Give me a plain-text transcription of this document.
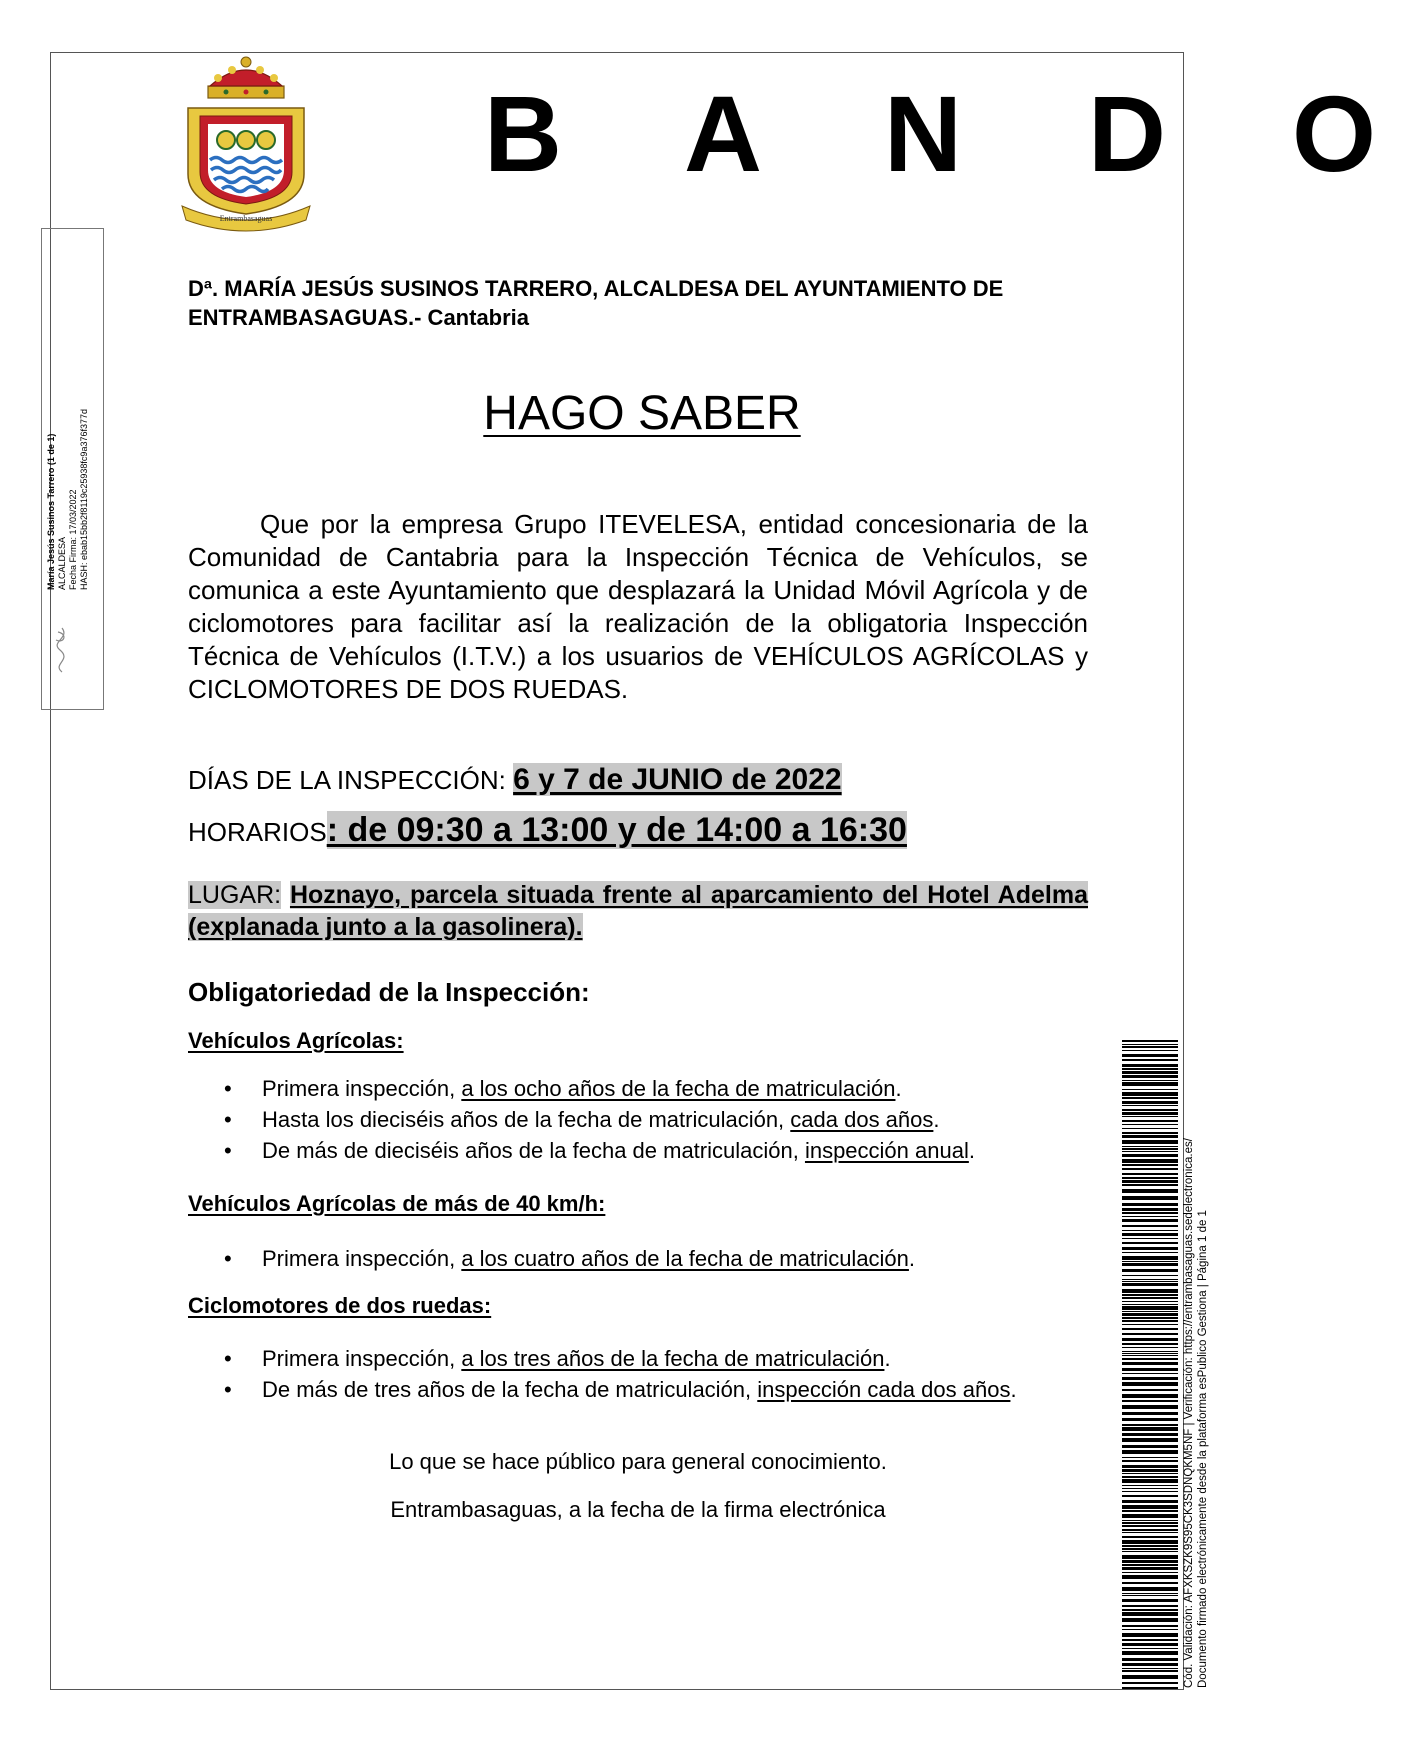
Entrambasaguas
B A N D O
Dª. MARÍA JESÚS SUSINOS TARRERO, ALCALDESA DEL AYUNTAMIENTO DE ENTRAMBASAGUAS.- Cantabria
HAGO SABER
Que por la empresa Grupo ITEVELESA, entidad concesionaria de la Comunidad de Cantabria para la Inspección Técnica de Vehículos, se comunica a este Ayuntamiento que desplazará la Unidad Móvil Agrícola y de ciclomotores para facilitar así la realización de la obligatoria Inspección Técnica de Vehículos (I.T.V.) a los usuarios de VEHÍCULOS AGRÍCOLAS y CICLOMOTORES DE DOS RUEDAS.
DÍAS DE LA INSPECCIÓN: 6 y 7 de JUNIO de 2022
HORARIOS: de 09:30 a 13:00 y de 14:00 a 16:30
LUGAR: Hoznayo, parcela situada frente al aparcamiento del Hotel Adelma (explanada junto a la gasolinera).
Obligatoriedad de la Inspección:
Vehículos Agrícolas:
• Primera inspección, a los ocho años de la fecha de matriculación.
• Hasta los dieciséis años de la fecha de matriculación, cada dos años.
• De más de dieciséis años de la fecha de matriculación, inspección anual.
Vehículos Agrícolas de más de 40 km/h:
• Primera inspección, a los cuatro años de la fecha de matriculación.
Ciclomotores de dos ruedas:
• Primera inspección, a los tres años de la fecha de matriculación.
• De más de tres años de la fecha de matriculación, inspección cada dos años.
Lo que se hace público para general conocimiento.
Entrambasaguas, a la fecha de la firma electrónica
María Jesús Susinos Tarrero (1 de 1) ALCALDESA Fecha Firma: 17/03/2022 HASH: ebab15bb2f8119c25938fc9a376f377d
Cód. Validación: AFXKSZK9S95CK3SDNQKM5NF | Verificación: https://entrambasaguas.sedelectronica.es/ Documento firmado electrónicamente desde la plataforma esPublico Gestiona | Página 1 de 1
